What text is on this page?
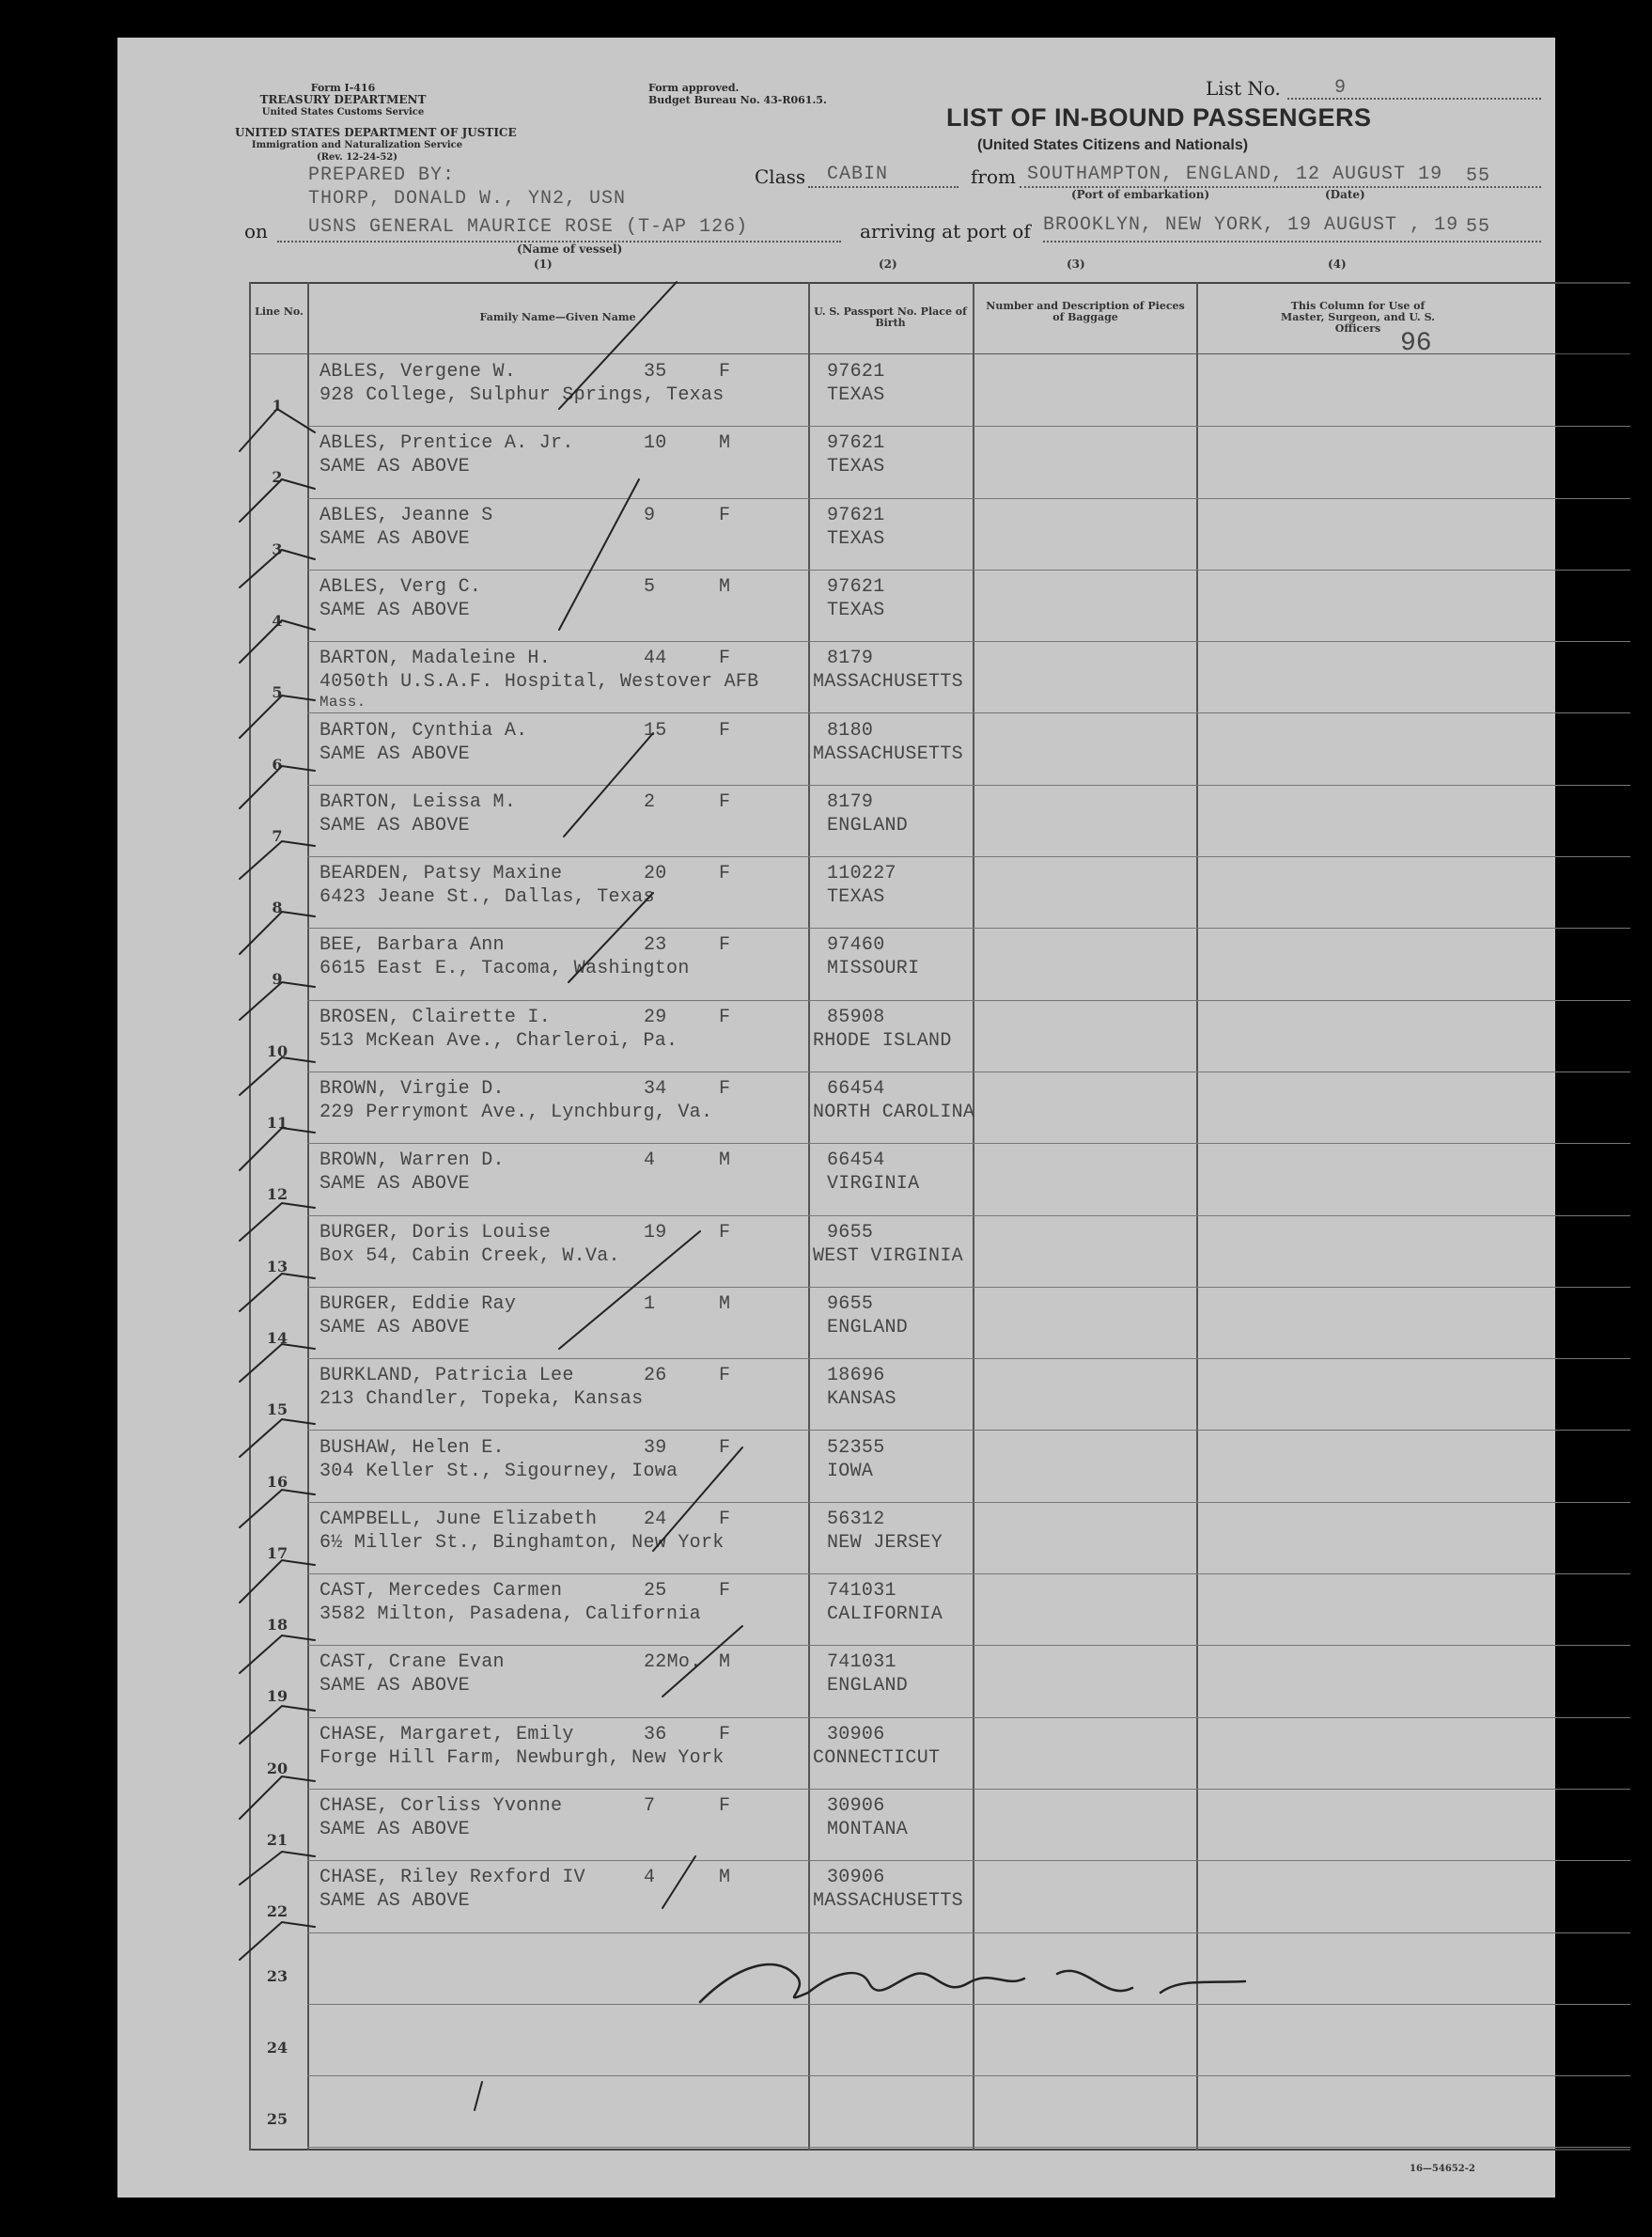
Form I-416
TREASURY DEPARTMENT
United States Customs Service
UNITED STATES DEPARTMENT OF JUSTICE
Immigration and Naturalization Service
(Rev. 12-24-52)
Form approved.
Budget Bureau No. 43-R061.5.
List No.	9
LIST OF IN-BOUND PASSENGERS
(United States Citizens and Nationals)
PREPARED BY:
THORP, DONALD W., YN2, USN
Class CABIN	from SOUTHAMPTON, ENGLAND, 12 AUGUST 19 55
(Port of embarkation)	(Date)
on USNS GENERAL MAURICE ROSE (T-AP 126)
(Name of vessel)
arriving at port of BROOKLYN, NEW YORK, 19 AUGUST , 19 55
(1)	(2)	(3)	(4)
Line No.	Family Name—Given Name	U. S. Passport No. Place of Birth
Number and Description of Pieces of Baggage
This Column for Use of Master, Surgeon, and U. S. Officers
96
1
ABLES, Vergene W.	35	F
928 College, Sulphur Springs, Texas
97621
TEXAS
2
ABLES, Prentice A. Jr.	10	M
SAME AS ABOVE
97621
TEXAS
3
ABLES, Jeanne S	9	F
SAME AS ABOVE
97621
TEXAS
4
ABLES, Verg C.	5	M
SAME AS ABOVE
97621
TEXAS
5
BARTON, Madaleine H.	44	F
4050th U.S.A.F. Hospital, Westover AFB
Mass.
8179
MASSACHUSETTS
6
BARTON, Cynthia A.	15	F
SAME AS ABOVE
8180
MASSACHUSETTS
7
BARTON, Leissa M.	2	F
SAME AS ABOVE
8179
ENGLAND
8
BEARDEN, Patsy Maxine	20	F
6423 Jeane St., Dallas, Texas
110227
TEXAS
9
BEE, Barbara Ann	23	F
6615 East E., Tacoma, Washington
97460
MISSOURI
10
BROSEN, Clairette I.	29	F
513 McKean Ave., Charleroi, Pa.
85908
RHODE ISLAND
11
BROWN, Virgie D.	34	F
229 Perrymont Ave., Lynchburg, Va.
66454
NORTH CAROLINA
12
BROWN, Warren D.	4	M
SAME AS ABOVE
66454
VIRGINIA
13
BURGER, Doris Louise	19	F
Box 54, Cabin Creek, W.Va.
9655
WEST VIRGINIA
14
BURGER, Eddie Ray	1	M
SAME AS ABOVE
9655
ENGLAND
15
BURKLAND, Patricia Lee	26	F
213 Chandler, Topeka, Kansas
18696
KANSAS
16
BUSHAW, Helen E.	39	F
304 Keller St., Sigourney, Iowa
52355
IOWA
17
CAMPBELL, June Elizabeth 24	F
6½ Miller St., Binghamton, New York
56312
NEW JERSEY
18
CAST, Mercedes Carmen	25	F
3582 Milton, Pasadena, California
741031
CALIFORNIA
19
CAST, Crane Evan	22Mo. M
SAME AS ABOVE
741031
ENGLAND
20
CHASE, Margaret, Emily	36	F
Forge Hill Farm, Newburgh, New York
30906
CONNECTICUT
21
CHASE, Corliss Yvonne	7	F
SAME AS ABOVE
30906
MONTANA
22
CHASE, Riley Rexford IV	4	M
SAME AS ABOVE
30906
MASSACHUSETTS
23
24
25
16—54652-2
